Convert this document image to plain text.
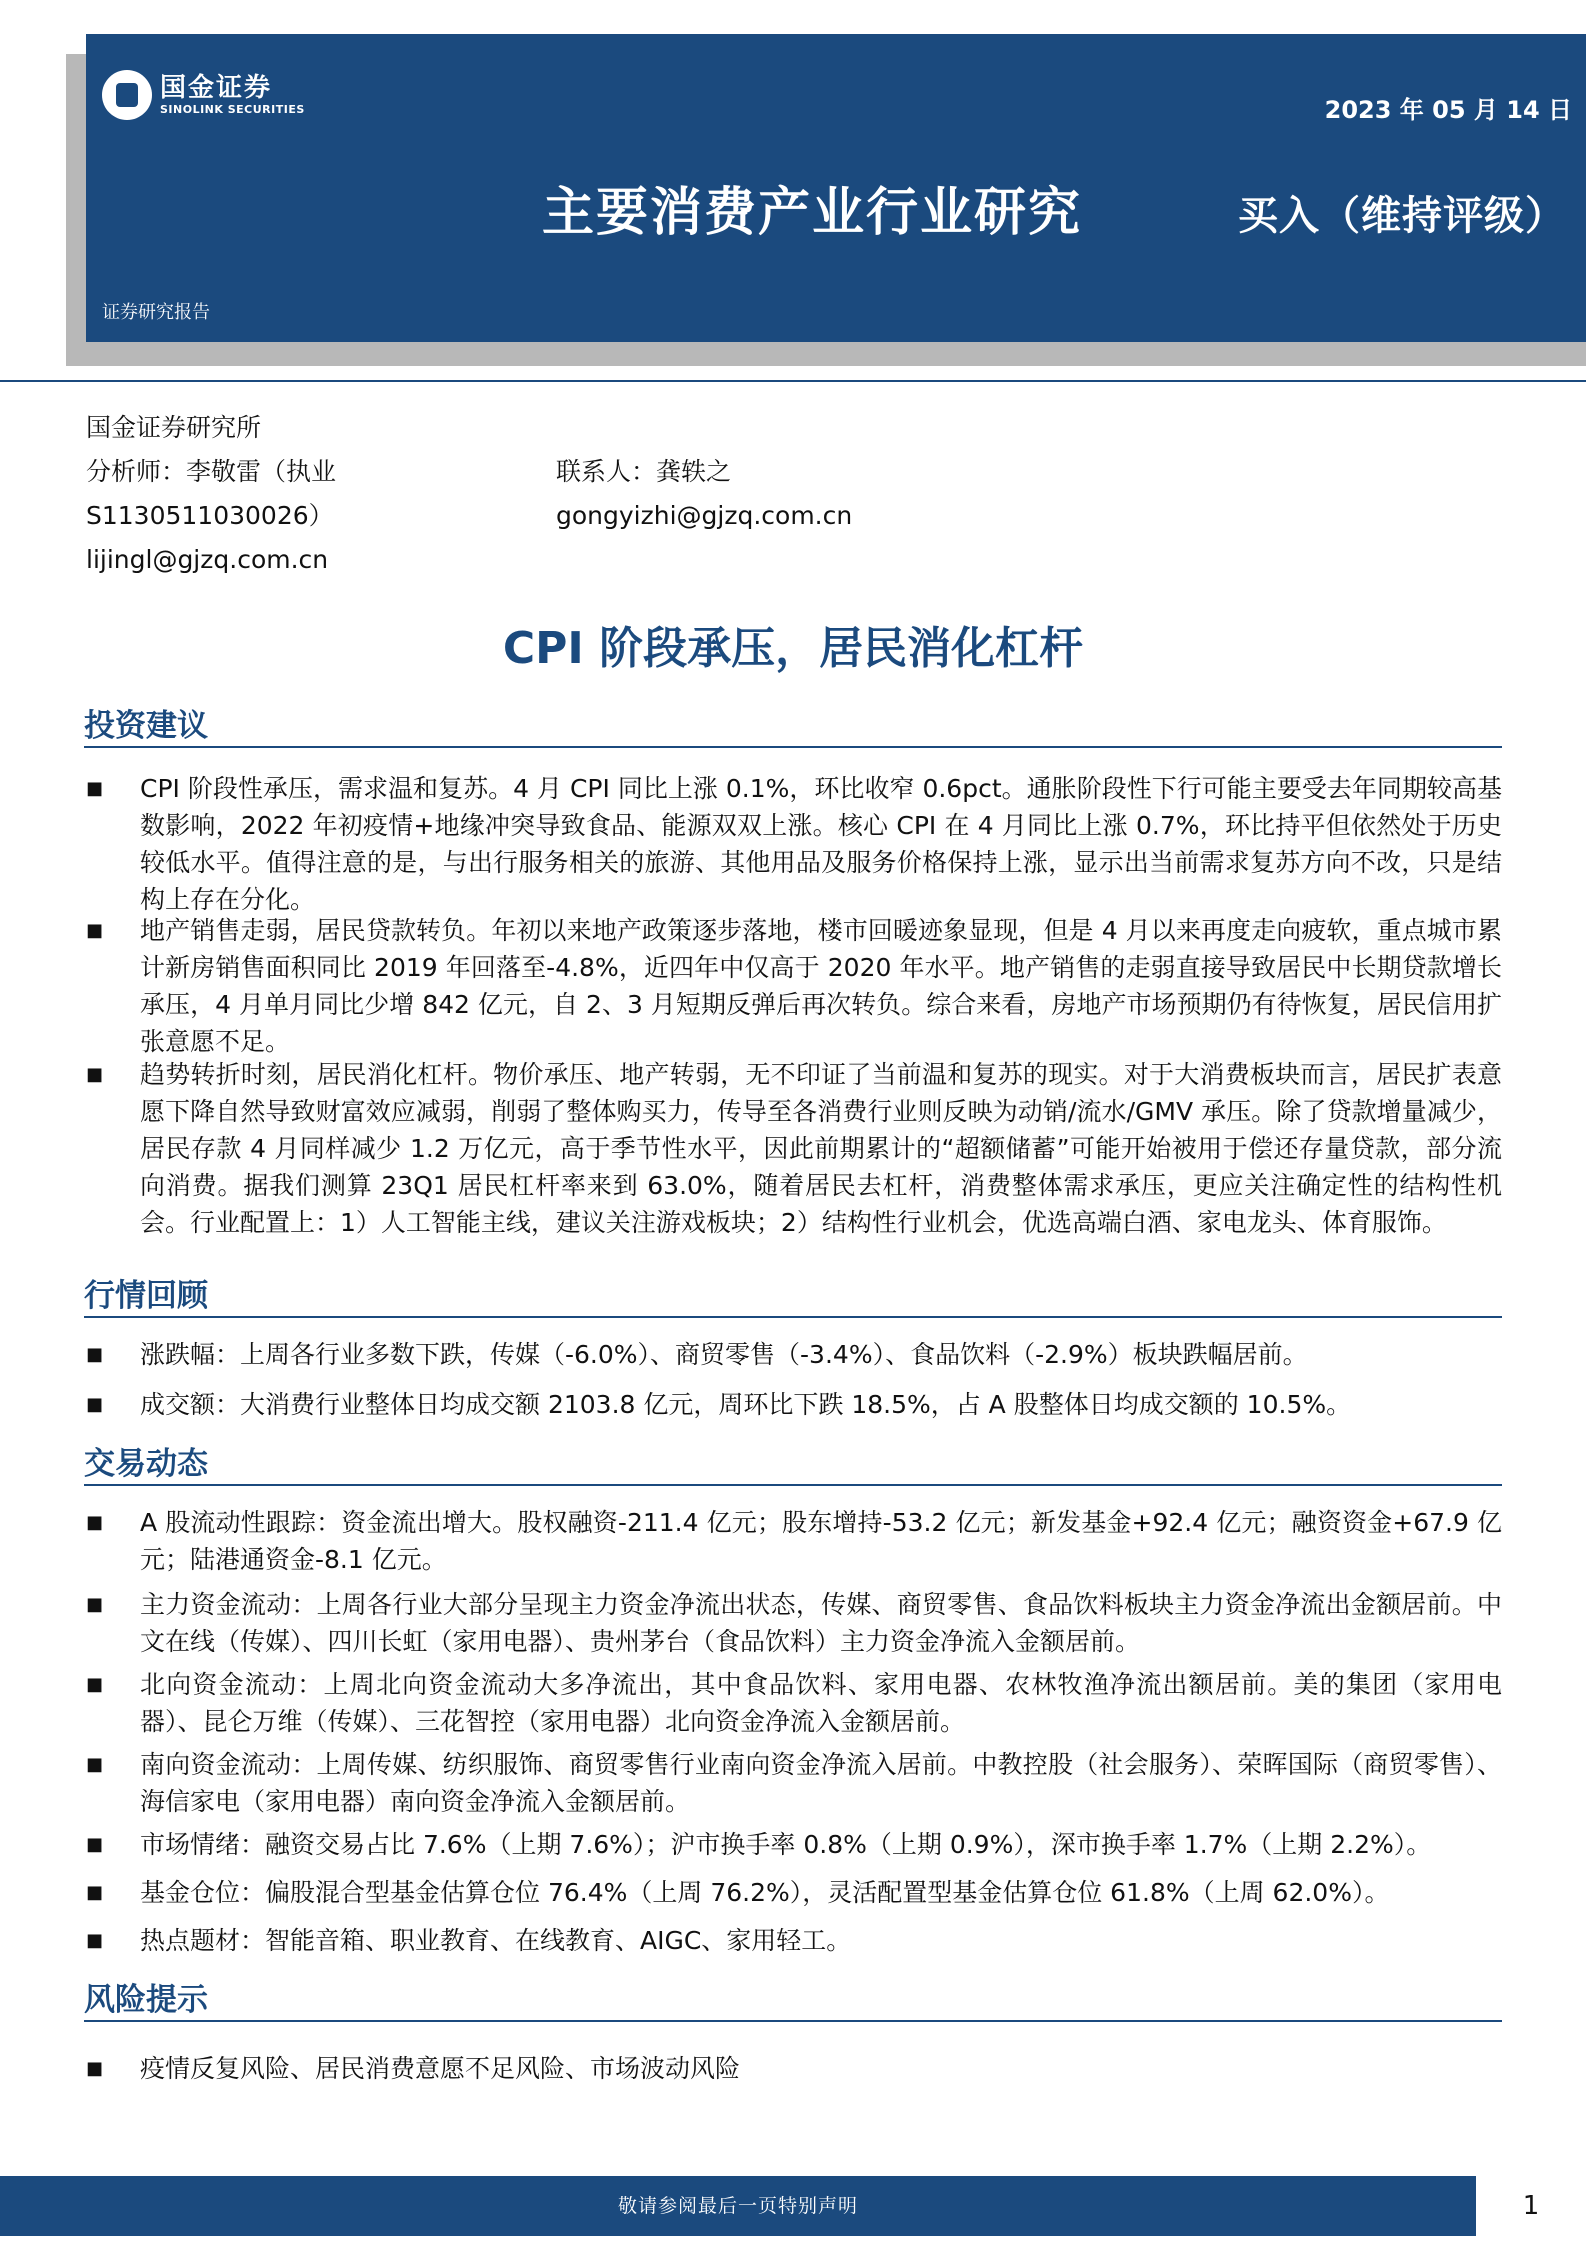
国金证券
SINOLINK SECURITIES	2023 年 05 月 14 日
主要消费产业行业研究	买入（维持评级）
证券研究报告
国金证券研究所
分析师：李敬雷（执业
S1130511030026）
lijingl@gjzq.com.cn
联系人：龚轶之
gongyizhi@gjzq.com.cn
CPI 阶段承压，居民消化杠杆
投资建议
■	CPI 阶段性承压，需求温和复苏。4 月 CPI 同比上涨 0.1%，环比收窄 0.6pct。通胀阶段性下行可能主要受去年同期较高基数影响，2022 年初疫情+地缘冲突导致食品、能源双双上涨。核心 CPI 在 4 月同比上涨 0.7%，环比持平但依然处于历史较低水平。值得注意的是，与出行服务相关的旅游、其他用品及服务价格保持上涨，显示出当前需求复苏方向不改，只是结构上存在分化。
■	地产销售走弱，居民贷款转负。年初以来地产政策逐步落地，楼市回暖迹象显现，但是 4 月以来再度走向疲软，重点城市累计新房销售面积同比 2019 年回落至-4.8%，近四年中仅高于 2020 年水平。地产销售的走弱直接导致居民中长期贷款增长承压，4 月单月同比少增 842 亿元，自 2、3 月短期反弹后再次转负。综合来看，房地产市场预期仍有待恢复，居民信用扩张意愿不足。
■	趋势转折时刻，居民消化杠杆。物价承压、地产转弱，无不印证了当前温和复苏的现实。对于大消费板块而言，居民扩表意愿下降自然导致财富效应减弱，削弱了整体购买力，传导至各消费行业则反映为动销/流水/GMV 承压。除了贷款增量减少，居民存款 4 月同样减少 1.2 万亿元，高于季节性水平，因此前期累计的“超额储蓄”可能开始被用于偿还存量贷款，部分流向消费。据我们测算 23Q1 居民杠杆率来到 63.0%，随着居民去杠杆，消费整体需求承压，更应关注确定性的结构性机会。行业配置上：1）人工智能主线，建议关注游戏板块；2）结构性行业机会，优选高端白酒、家电龙头、体育服饰。
行情回顾
■	涨跌幅：上周各行业多数下跌，传媒（-6.0%）、商贸零售（-3.4%）、食品饮料（-2.9%）板块跌幅居前。
■	成交额：大消费行业整体日均成交额 2103.8 亿元，周环比下跌 18.5%，占 A 股整体日均成交额的 10.5%。
交易动态
■	A 股流动性跟踪：资金流出增大。股权融资-211.4 亿元；股东增持-53.2 亿元；新发基金+92.4 亿元；融资资金+67.9 亿元；陆港通资金-8.1 亿元。
■	主力资金流动：上周各行业大部分呈现主力资金净流出状态，传媒、商贸零售、食品饮料板块主力资金净流出金额居前。中文在线（传媒）、四川长虹（家用电器）、贵州茅台（食品饮料）主力资金净流入金额居前。
■	北向资金流动：上周北向资金流动大多净流出，其中食品饮料、家用电器、农林牧渔净流出额居前。美的集团（家用电器）、昆仑万维（传媒）、三花智控（家用电器）北向资金净流入金额居前。
■	南向资金流动：上周传媒、纺织服饰、商贸零售行业南向资金净流入居前。中教控股（社会服务）、荣晖国际（商贸零售）、海信家电（家用电器）南向资金净流入金额居前。
■	市场情绪：融资交易占比 7.6%（上期 7.6%）；沪市换手率 0.8%（上期 0.9%），深市换手率 1.7%（上期 2.2%）。
■	基金仓位：偏股混合型基金估算仓位 76.4%（上周 76.2%），灵活配置型基金估算仓位 61.8%（上周 62.0%）。
■	热点题材：智能音箱、职业教育、在线教育、AIGC、家用轻工。
风险提示
■	疫情反复风险、居民消费意愿不足风险、市场波动风险
敬请参阅最后一页特别声明	1
